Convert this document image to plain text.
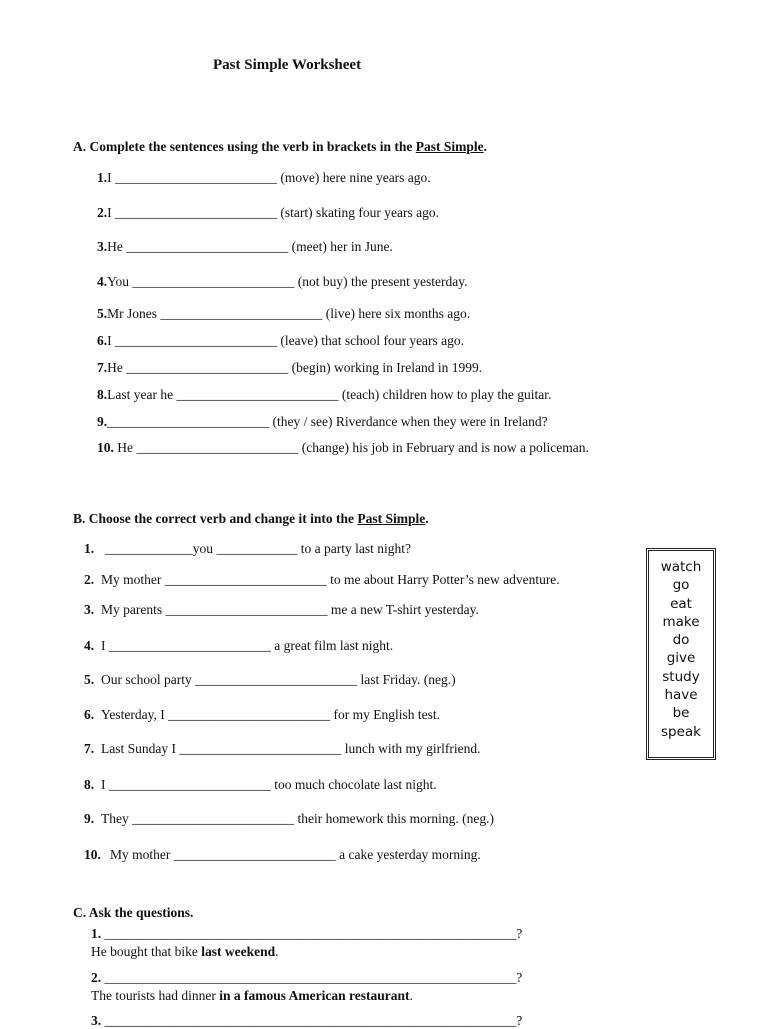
Past Simple Worksheet
A. Complete the sentences using the verb in brackets in the Past Simple.
1.I ________________________ (move) here nine years ago.
2.I ________________________ (start) skating four years ago.
3.He ________________________ (meet) her in June.
4.You ________________________ (not buy) the present yesterday.
5.Mr Jones ________________________ (live) here six months ago.
6.I ________________________ (leave) that school four years ago.
7.He ________________________ (begin) working in Ireland in 1999.
8.Last year he ________________________ (teach) children how to play the guitar.
9.________________________ (they / see) Riverdance when they were in Ireland?
10. He ________________________ (change) his job in February and is now a policeman.
B. Choose the correct verb and change it into the Past Simple.
1. _____________you ____________ to a party last night?
2. My mother ________________________ to me about Harry Potter’s new adventure.
3. My parents ________________________ me a new T-shirt yesterday.
4. I ________________________ a great film last night.
5. Our school party ________________________ last Friday. (neg.)
6. Yesterday, I ________________________ for my English test.
7. Last Sunday I ________________________ lunch with my girlfriend.
8. I ________________________ too much chocolate last night.
9. They ________________________ their homework this morning. (neg.)
10. My mother ________________________ a cake yesterday morning.
watch
go
eat
make
do
give
study
have
be
speak
C. Ask the questions.
1. _____________________________________________________________?
He bought that bike last weekend.
2. _____________________________________________________________?
The tourists had dinner in a famous American restaurant.
3. _____________________________________________________________?
